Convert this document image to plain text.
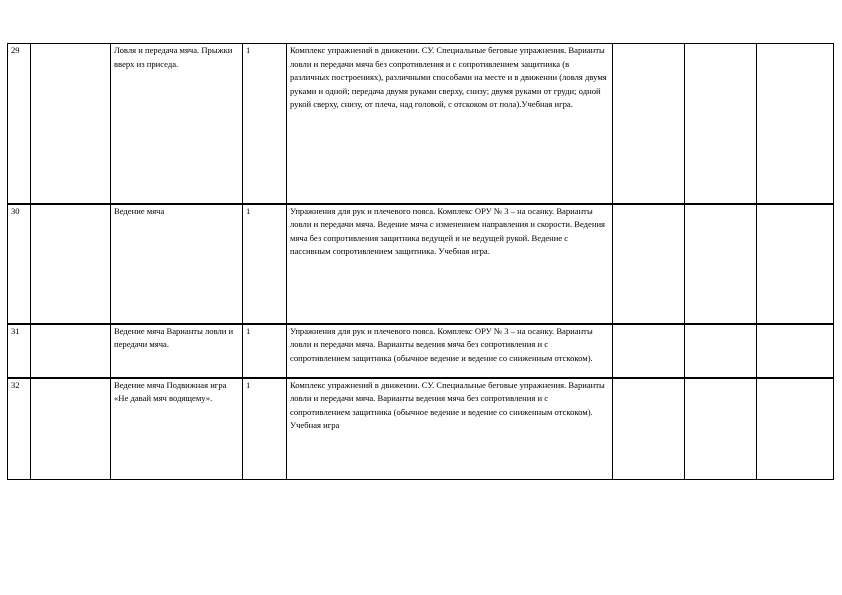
29		Ловля и передача мяча. Прыжки вверх из приседа.	1	Комплекс упражнений в движении. СУ. Специальные беговые упражнения. Варианты ловли и передачи мяча без сопротивления и с сопротивлением защитника (в различных построениях), различными способами на месте и в движении (ловля двумя руками и одной; передача двумя руками сверху, снизу; двумя руками от груди; одной рукой сверху, снизу, от плеча, над головой, с отскоком от пола).Учебная игра.			
30		Ведение мяча	1	Упражнения для рук и плечевого пояса. Комплекс ОРУ № 3 – на осанку. Варианты ловли и передачи мяча. Ведение мяча с изменением направления и скорости. Ведения мяча без сопротивления защитника ведущей и не ведущей рукой. Ведение с пассивным сопротивлением защитника. Учебная игра.			
31		Ведение мяча Варианты ловли и передачи мяча.	1	Упражнения для рук и плечевого пояса. Комплекс ОРУ № 3 – на осанку. Варианты ловли и передачи мяча. Варианты ведения мяча без сопротивления и с сопротивлением защитника (обычное ведение и ведение со сниженным отскоком).			
32		Ведение мяча Подвижная игра «Не давай мяч водящему».	1	Комплекс упражнений в движении. СУ. Специальные беговые упражнения. Варианты ловли и передачи мяча. Варианты ведения мяча без сопротивления и с сопротивлением защитника (обычное ведение и ведение со сниженным отскоком). Учебная игра			
